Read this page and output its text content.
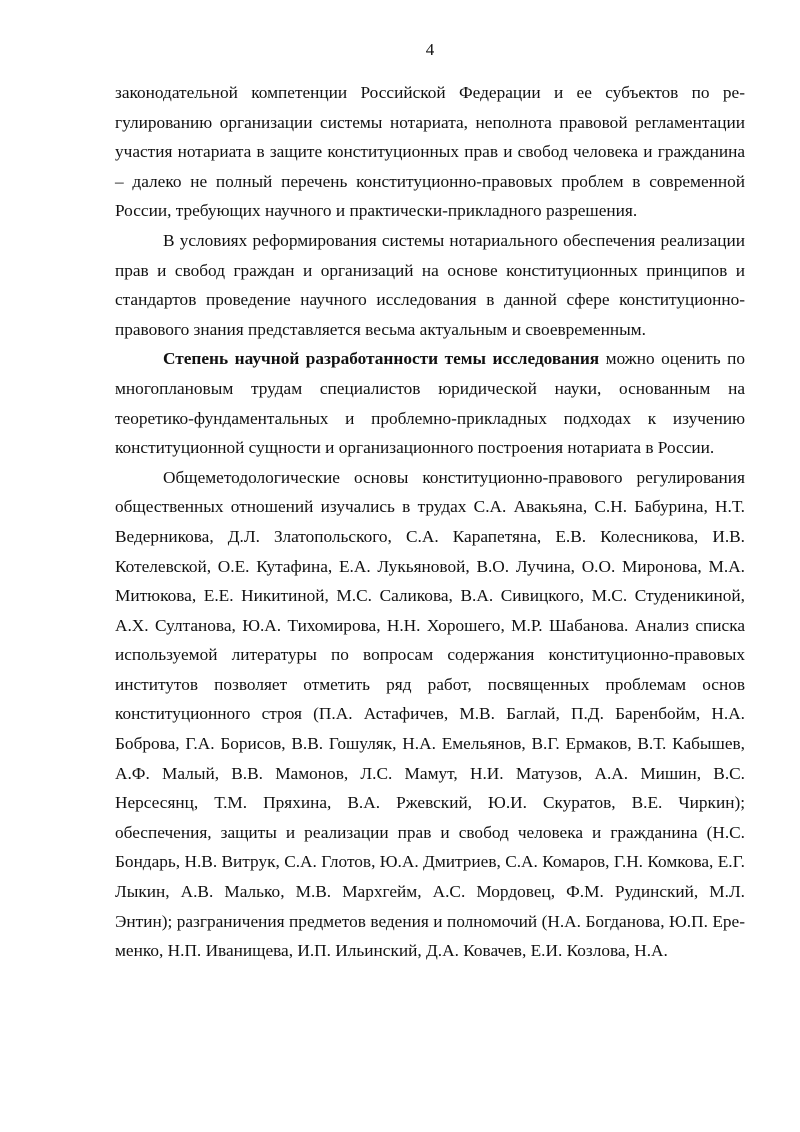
4

законодательной компетенции Российской Федерации и ее субъектов по регулированию организации системы нотариата, неполнота правовой регламентации участия нотариата в защите конституционных прав и свобод человека и гражданина – далеко не полный перечень конституционно-правовых проблем в современной России, требующих научного и практически-прикладного разрешения.

В условиях реформирования системы нотариального обеспечения реализации прав и свобод граждан и организаций на основе конституционных принципов и стандартов проведение научного исследования в данной сфере конституционно-правового знания представляется весьма актуальным и своевременным.

Степень научной разработанности темы исследования можно оценить по многоплановым трудам специалистов юридической науки, основанным на теоретико-фундаментальных и проблемно-прикладных подходах к изучению конституционной сущности и организационного построения нотариата в России.

Общеметодологические основы конституционно-правового регулирования общественных отношений изучались в трудах С.А. Авакьяна, С.Н. Бабурина, Н.Т. Ведерникова, Д.Л. Златопольского, С.А. Карапетяна, Е.В. Колесникова, И.В. Котелевской, О.Е. Кутафина, Е.А. Лукьяновой, В.О. Лучина, О.О. Миронова, М.А. Митюкова, Е.Е. Никитиной, М.С. Саликова, В.А. Сивицкого, М.С. Студеникиной, А.Х. Султанова, Ю.А. Тихомирова, Н.Н. Хорошего, М.Р. Шабанова. Анализ списка используемой литературы по вопросам содержания конституционно-правовых институтов позволяет отметить ряд работ, посвященных проблемам основ конституционного строя (П.А. Астафичев, М.В. Баглай, П.Д. Баренбойм, Н.А. Боброва, Г.А. Борисов, В.В. Гошуляк, Н.А. Емельянов, В.Г. Ермаков, В.Т. Кабышев, А.Ф. Малый, В.В. Мамонов, Л.С. Мамут, Н.И. Матузов, А.А. Мишин, В.С. Нерсесянц, Т.М. Пряхина, В.А. Ржевский, Ю.И. Скуратов, В.Е. Чиркин); обеспечения, защиты и реализации прав и свобод человека и гражданина (Н.С. Бондарь, Н.В. Витрук, С.А. Глотов, Ю.А. Дмитриев, С.А. Комаров, Г.Н. Комкова, Е.Г. Лыкин, А.В. Малько, М.В. Мархгейм, А.С. Мордовец, Ф.М. Рудинский, М.Л. Энтин); разграничения предметов ведения и полномочий (Н.А. Богданова, Ю.П. Еременко, Н.П. Иванищева, И.П. Ильинский, Д.А. Ковачев, Е.И. Козлова, Н.А.
